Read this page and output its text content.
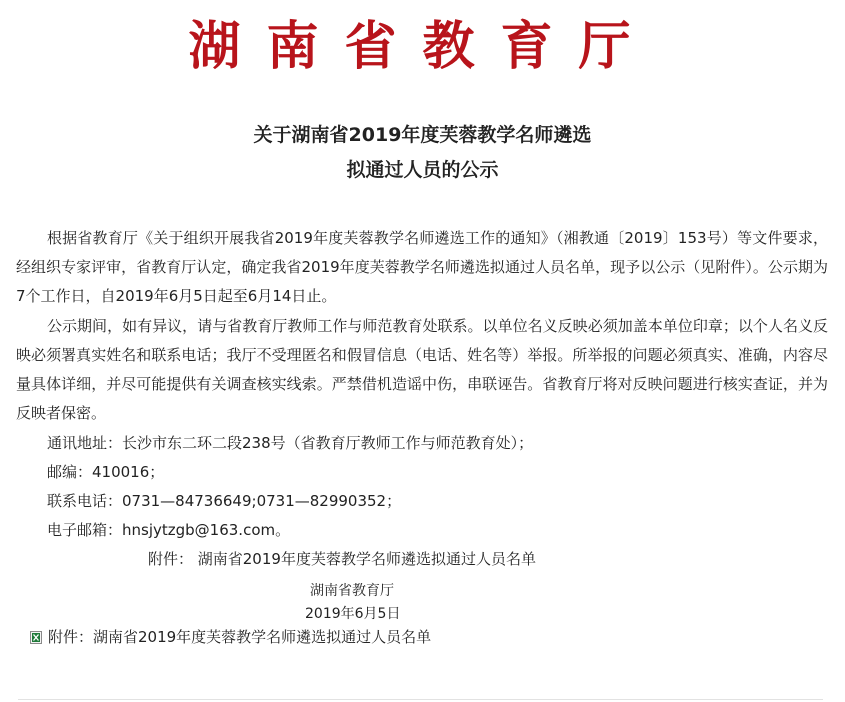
湖南省教育厅
关于湖南省2019年度芙蓉教学名师遴选
拟通过人员的公示
根据省教育厅《关于组织开展我省2019年度芙蓉教学名师遴选工作的通知》（湘教通〔2019〕153号）等文件要求，经组织专家评审，省教育厅认定，确定我省2019年度芙蓉教学名师遴选拟通过人员名单，现予以公示（见附件）。公示期为7个工作日，自2019年6月5日起至6月14日止。
公示期间，如有异议，请与省教育厅教师工作与师范教育处联系。以单位名义反映必须加盖本单位印章；以个人名义反映必须署真实姓名和联系电话；我厅不受理匿名和假冒信息（电话、姓名等）举报。所举报的问题必须真实、准确，内容尽量具体详细，并尽可能提供有关调查核实线索。严禁借机造谣中伤，串联诬告。省教育厅将对反映问题进行核实查证，并为反映者保密。
通讯地址：长沙市东二环二段238号（省教育厅教师工作与师范教育处）；
邮编：410016；
联系电话：0731—84736649;0731—82990352；
电子邮箱：hnsjytzgb@163.com。
附件： 湖南省2019年度芙蓉教学名师遴选拟通过人员名单
湖南省教育厅
2019年6月5日
附件：湖南省2019年度芙蓉教学名师遴选拟通过人员名单
